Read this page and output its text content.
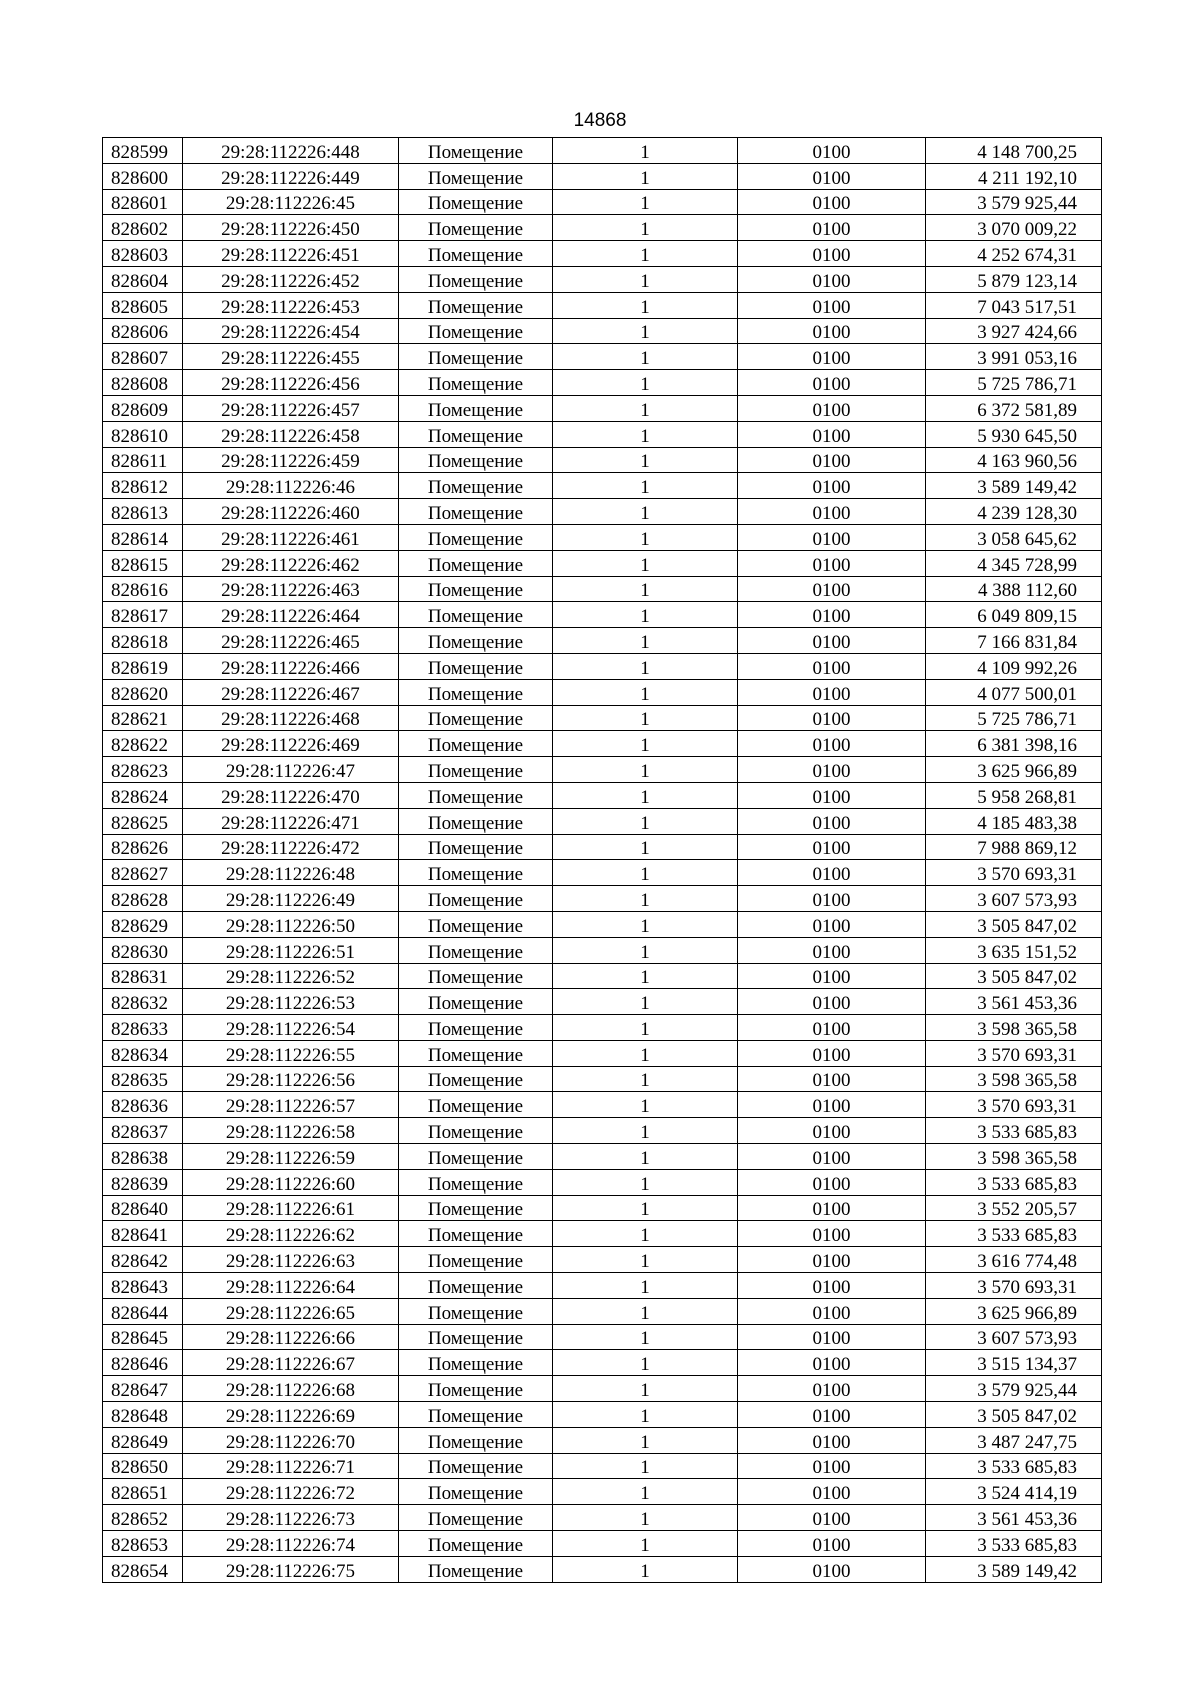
14868
828599	29:28:112226:448	Помещение	1	0100	4 148 700,25
828600	29:28:112226:449	Помещение	1	0100	4 211 192,10
828601	29:28:112226:45	Помещение	1	0100	3 579 925,44
828602	29:28:112226:450	Помещение	1	0100	3 070 009,22
828603	29:28:112226:451	Помещение	1	0100	4 252 674,31
828604	29:28:112226:452	Помещение	1	0100	5 879 123,14
828605	29:28:112226:453	Помещение	1	0100	7 043 517,51
828606	29:28:112226:454	Помещение	1	0100	3 927 424,66
828607	29:28:112226:455	Помещение	1	0100	3 991 053,16
828608	29:28:112226:456	Помещение	1	0100	5 725 786,71
828609	29:28:112226:457	Помещение	1	0100	6 372 581,89
828610	29:28:112226:458	Помещение	1	0100	5 930 645,50
828611	29:28:112226:459	Помещение	1	0100	4 163 960,56
828612	29:28:112226:46	Помещение	1	0100	3 589 149,42
828613	29:28:112226:460	Помещение	1	0100	4 239 128,30
828614	29:28:112226:461	Помещение	1	0100	3 058 645,62
828615	29:28:112226:462	Помещение	1	0100	4 345 728,99
828616	29:28:112226:463	Помещение	1	0100	4 388 112,60
828617	29:28:112226:464	Помещение	1	0100	6 049 809,15
828618	29:28:112226:465	Помещение	1	0100	7 166 831,84
828619	29:28:112226:466	Помещение	1	0100	4 109 992,26
828620	29:28:112226:467	Помещение	1	0100	4 077 500,01
828621	29:28:112226:468	Помещение	1	0100	5 725 786,71
828622	29:28:112226:469	Помещение	1	0100	6 381 398,16
828623	29:28:112226:47	Помещение	1	0100	3 625 966,89
828624	29:28:112226:470	Помещение	1	0100	5 958 268,81
828625	29:28:112226:471	Помещение	1	0100	4 185 483,38
828626	29:28:112226:472	Помещение	1	0100	7 988 869,12
828627	29:28:112226:48	Помещение	1	0100	3 570 693,31
828628	29:28:112226:49	Помещение	1	0100	3 607 573,93
828629	29:28:112226:50	Помещение	1	0100	3 505 847,02
828630	29:28:112226:51	Помещение	1	0100	3 635 151,52
828631	29:28:112226:52	Помещение	1	0100	3 505 847,02
828632	29:28:112226:53	Помещение	1	0100	3 561 453,36
828633	29:28:112226:54	Помещение	1	0100	3 598 365,58
828634	29:28:112226:55	Помещение	1	0100	3 570 693,31
828635	29:28:112226:56	Помещение	1	0100	3 598 365,58
828636	29:28:112226:57	Помещение	1	0100	3 570 693,31
828637	29:28:112226:58	Помещение	1	0100	3 533 685,83
828638	29:28:112226:59	Помещение	1	0100	3 598 365,58
828639	29:28:112226:60	Помещение	1	0100	3 533 685,83
828640	29:28:112226:61	Помещение	1	0100	3 552 205,57
828641	29:28:112226:62	Помещение	1	0100	3 533 685,83
828642	29:28:112226:63	Помещение	1	0100	3 616 774,48
828643	29:28:112226:64	Помещение	1	0100	3 570 693,31
828644	29:28:112226:65	Помещение	1	0100	3 625 966,89
828645	29:28:112226:66	Помещение	1	0100	3 607 573,93
828646	29:28:112226:67	Помещение	1	0100	3 515 134,37
828647	29:28:112226:68	Помещение	1	0100	3 579 925,44
828648	29:28:112226:69	Помещение	1	0100	3 505 847,02
828649	29:28:112226:70	Помещение	1	0100	3 487 247,75
828650	29:28:112226:71	Помещение	1	0100	3 533 685,83
828651	29:28:112226:72	Помещение	1	0100	3 524 414,19
828652	29:28:112226:73	Помещение	1	0100	3 561 453,36
828653	29:28:112226:74	Помещение	1	0100	3 533 685,83
828654	29:28:112226:75	Помещение	1	0100	3 589 149,42
